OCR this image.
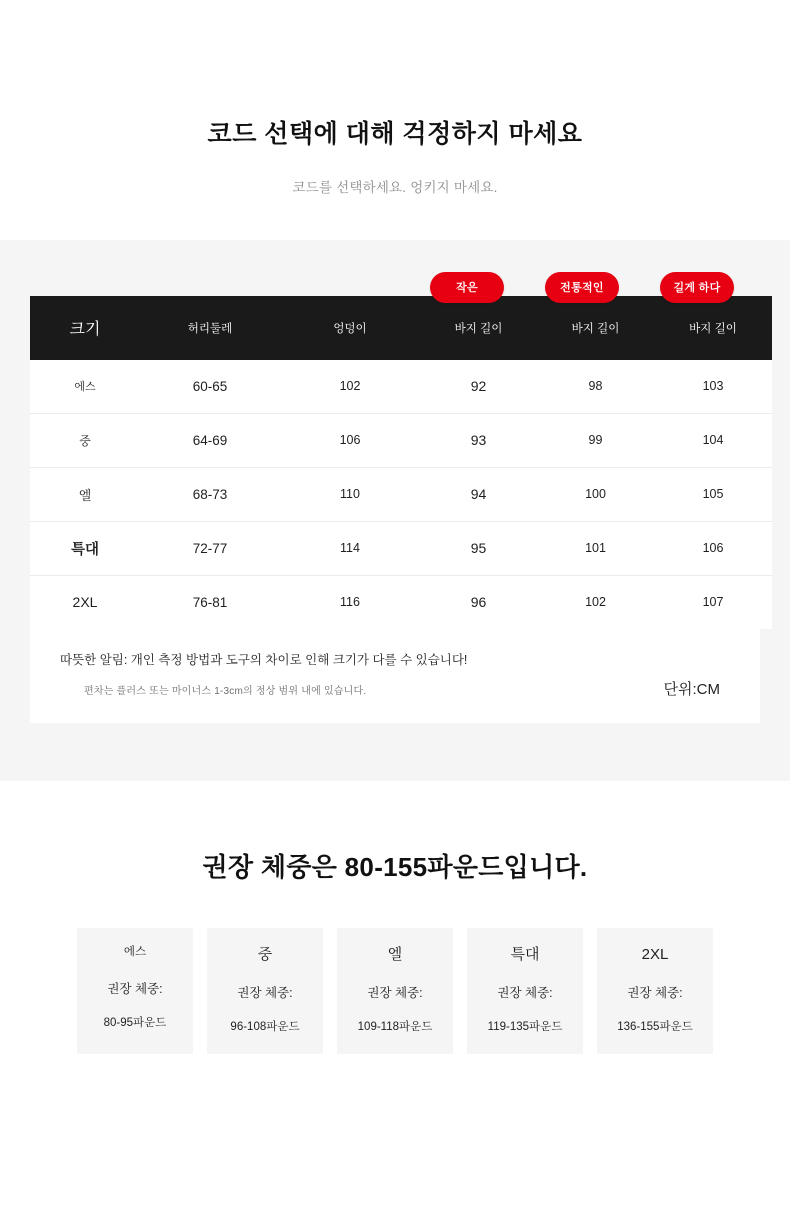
코드 선택에 대해 걱정하지 마세요
코드를 선택하세요. 엉키지 마세요.
작은	전통적인	길게 하다
크기	허리둘레	엉덩이	바지 길이	바지 길이	바지 길이
에스	60-65	102	92	98	103
중	64-69	106	93	99	104
엘	68-73	110	94	100	105
특대	72-77	114	95	101	106
2XL	76-81	116	96	102	107
따뜻한 알림: 개인 측정 방법과 도구의 차이로 인해 크기가 다를 수 있습니다!
편차는 플러스 또는 마이너스 1-3cm의 정상 범위 내에 있습니다.	단위:CM
권장 체중은 80-155파운드입니다.
에스
권장 체중:
80-95파운드
중
권장 체중:
96-108파운드
엘
권장 체중:
109-118파운드
특대
권장 체중:
119-135파운드
2XL
권장 체중:
136-155파운드
